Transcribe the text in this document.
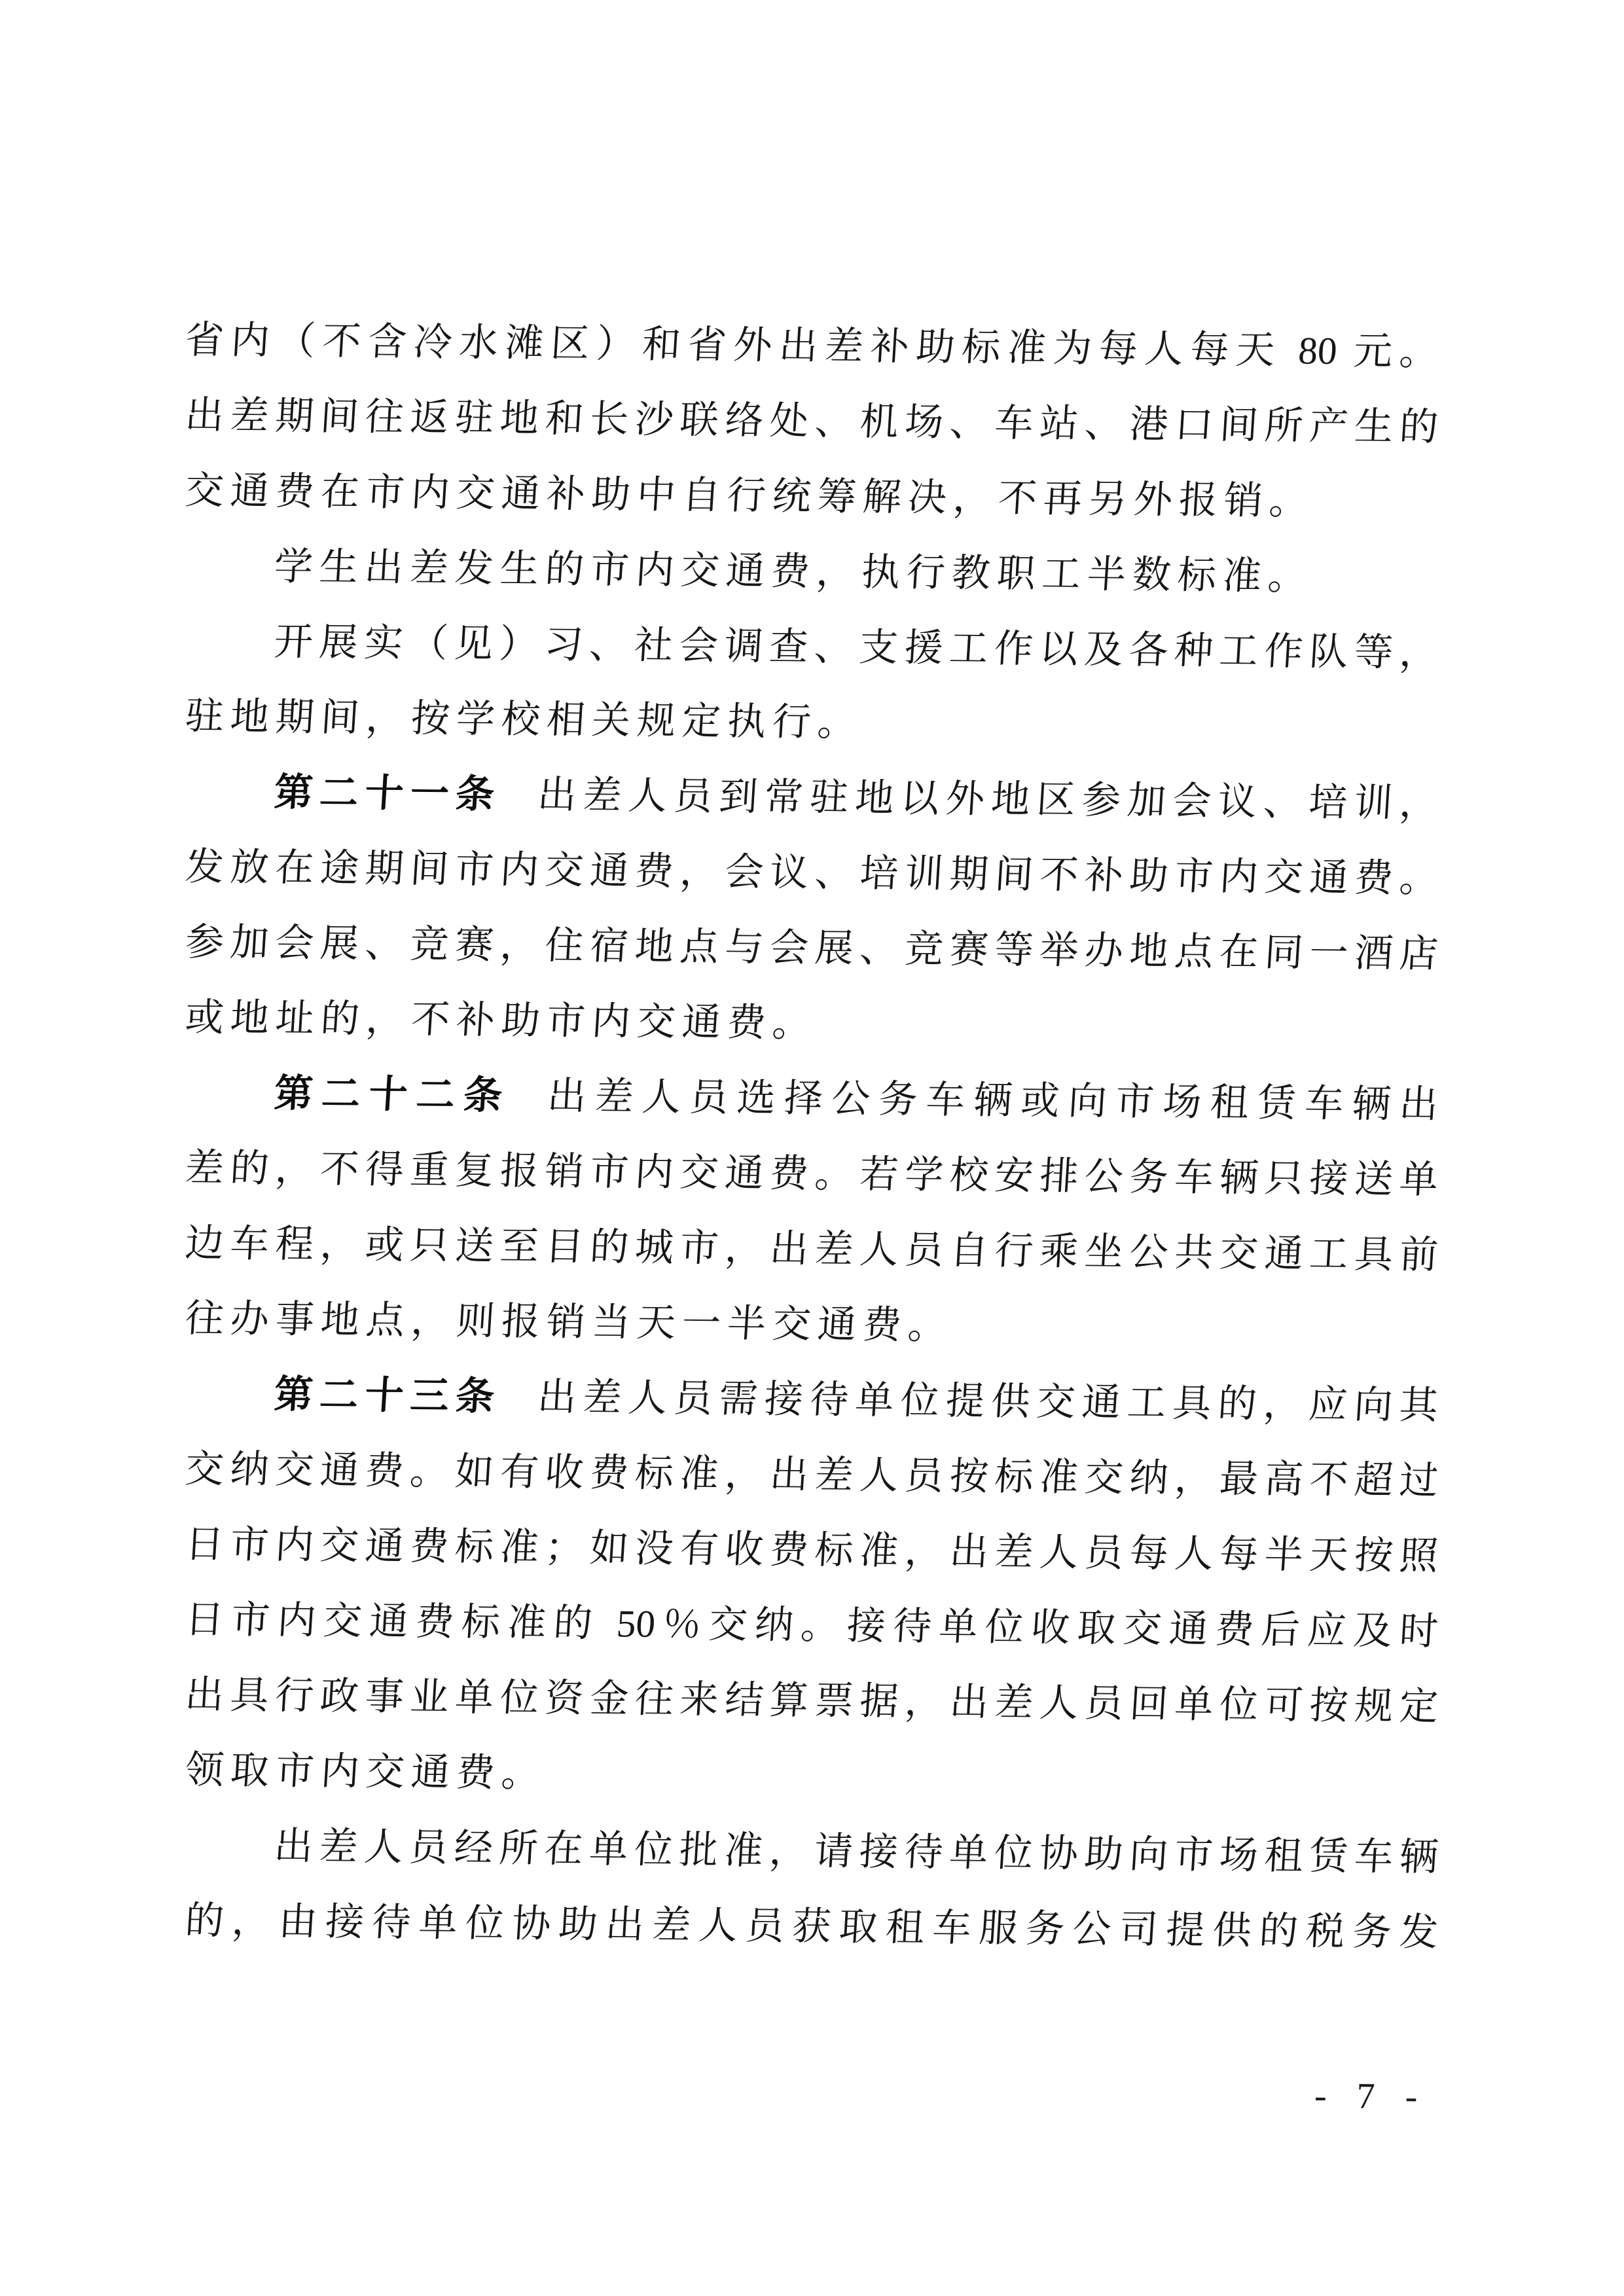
省内（不含冷水滩区）和省外出差补助标准为每人每天 80 元。
出差期间往返驻地和长沙联络处、机场、车站、港口间所产生的
交通费在市内交通补助中自行统筹解决，不再另外报销。
学生出差发生的市内交通费，执行教职工半数标准。
开展实（见）习、社会调查、支援工作以及各种工作队等，
驻地期间，按学校相关规定执行。
第二十一条 出差人员到常驻地以外地区参加会议、培训，
发放在途期间市内交通费，会议、培训期间不补助市内交通费。
参加会展、竞赛，住宿地点与会展、竞赛等举办地点在同一酒店
或地址的，不补助市内交通费。
第二十二条 出差人员选择公务车辆或向市场租赁车辆出
差的，不得重复报销市内交通费。若学校安排公务车辆只接送单
边车程，或只送至目的城市，出差人员自行乘坐公共交通工具前
往办事地点，则报销当天一半交通费。
第二十三条 出差人员需接待单位提供交通工具的，应向其
交纳交通费。如有收费标准，出差人员按标准交纳，最高不超过
日市内交通费标准；如没有收费标准，出差人员每人每半天按照
日市内交通费标准的 50％交纳。接待单位收取交通费后应及时
出具行政事业单位资金往来结算票据，出差人员回单位可按规定
领取市内交通费。
出差人员经所在单位批准，请接待单位协助向市场租赁车辆
的，由接待单位协助出差人员获取租车服务公司提供的税务发
- 7 -
